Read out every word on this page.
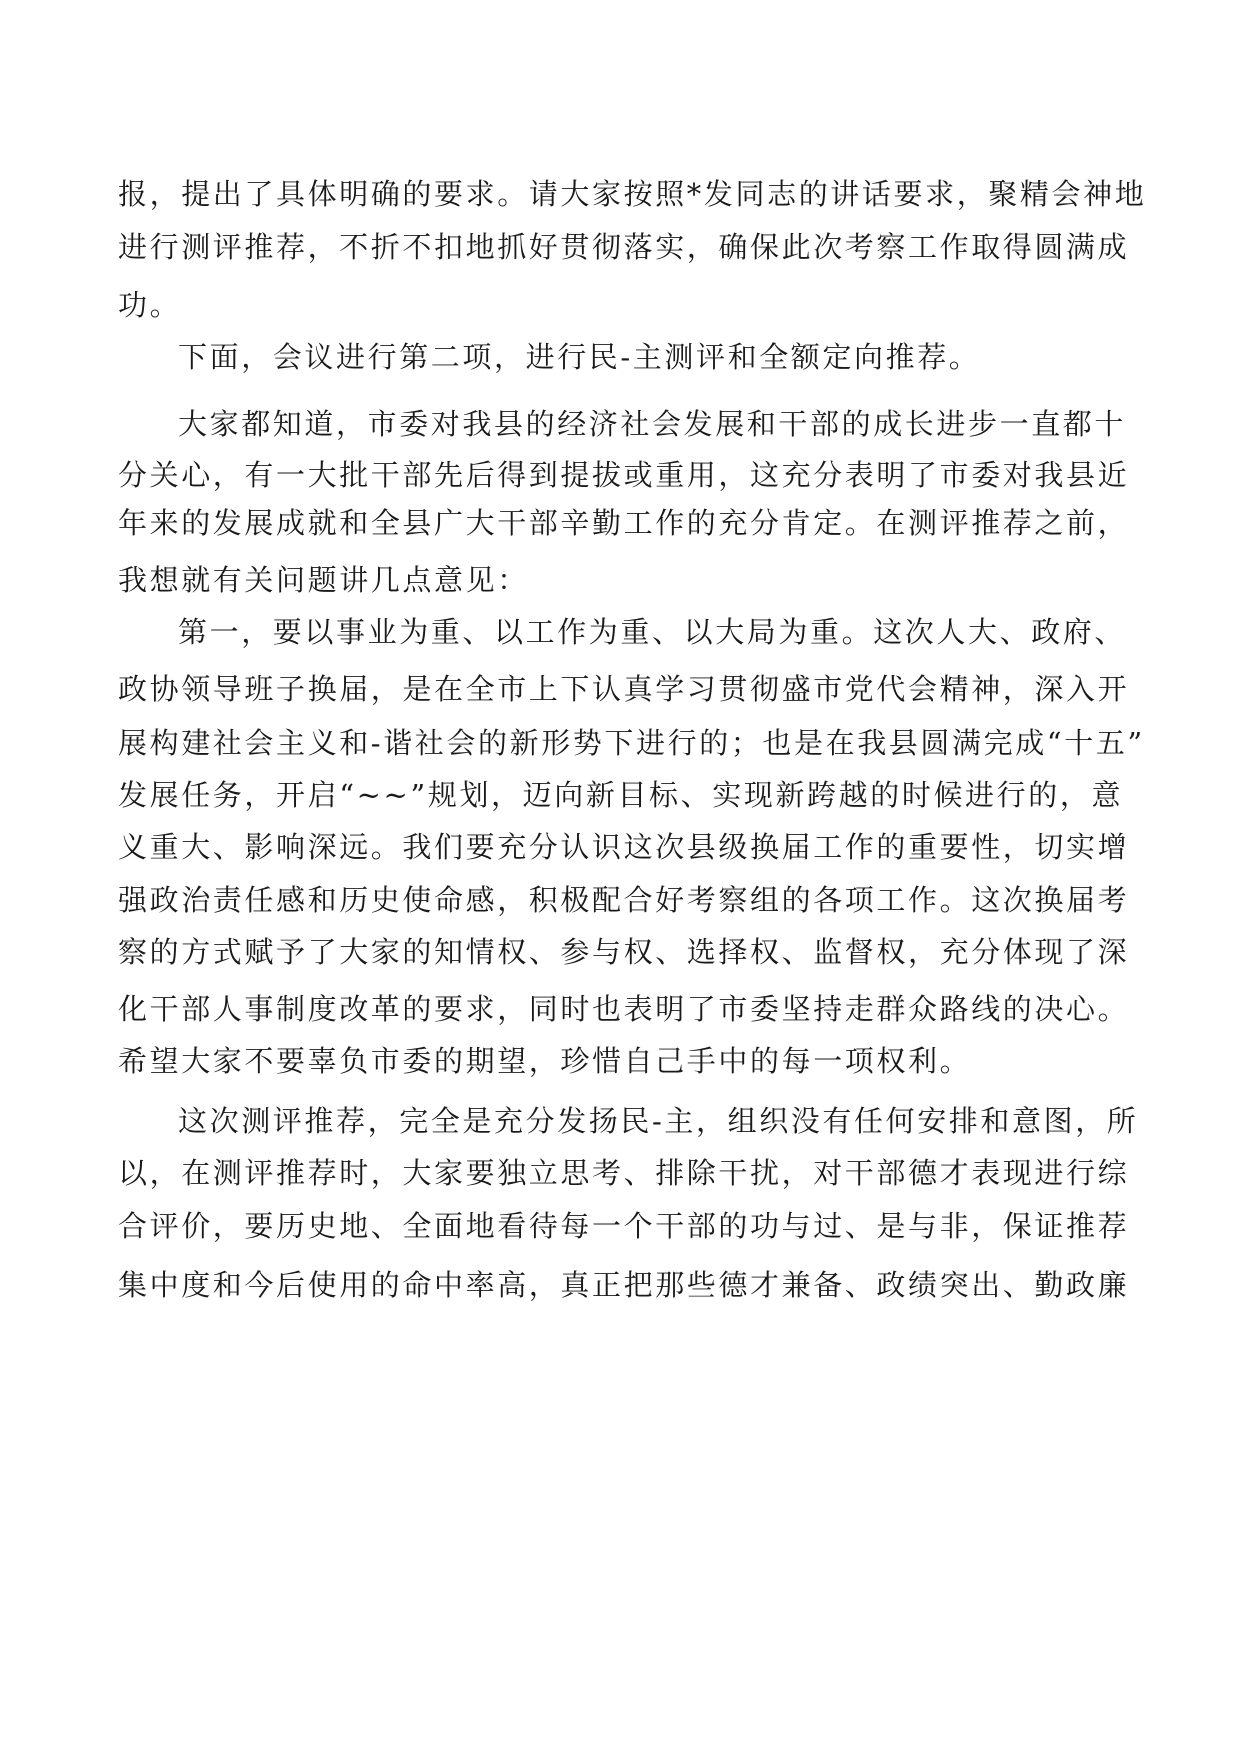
报，提出了具体明确的要求。请大家按照*发同志的讲话要求，聚精会神地
进行测评推荐，不折不扣地抓好贯彻落实，确保此次考察工作取得圆满成
功。
下面，会议进行第二项，进行民-主测评和全额定向推荐。
大家都知道，市委对我县的经济社会发展和干部的成长进步一直都十
分关心，有一大批干部先后得到提拔或重用，这充分表明了市委对我县近
年来的发展成就和全县广大干部辛勤工作的充分肯定。在测评推荐之前，
我想就有关问题讲几点意见：
第一，要以事业为重、以工作为重、以大局为重。这次人大、政府、
政协领导班子换届，是在全市上下认真学习贯彻盛市党代会精神，深入开
展构建社会主义和-谐社会的新形势下进行的；也是在我县圆满完成“十五”
发展任务，开启“~~”规划，迈向新目标、实现新跨越的时候进行的，意
义重大、影响深远。我们要充分认识这次县级换届工作的重要性，切实增
强政治责任感和历史使命感，积极配合好考察组的各项工作。这次换届考
察的方式赋予了大家的知情权、参与权、选择权、监督权，充分体现了深
化干部人事制度改革的要求，同时也表明了市委坚持走群众路线的决心。
希望大家不要辜负市委的期望，珍惜自己手中的每一项权利。
这次测评推荐，完全是充分发扬民-主，组织没有任何安排和意图，所
以，在测评推荐时，大家要独立思考、排除干扰，对干部德才表现进行综
合评价，要历史地、全面地看待每一个干部的功与过、是与非，保证推荐
集中度和今后使用的命中率高，真正把那些德才兼备、政绩突出、勤政廉
